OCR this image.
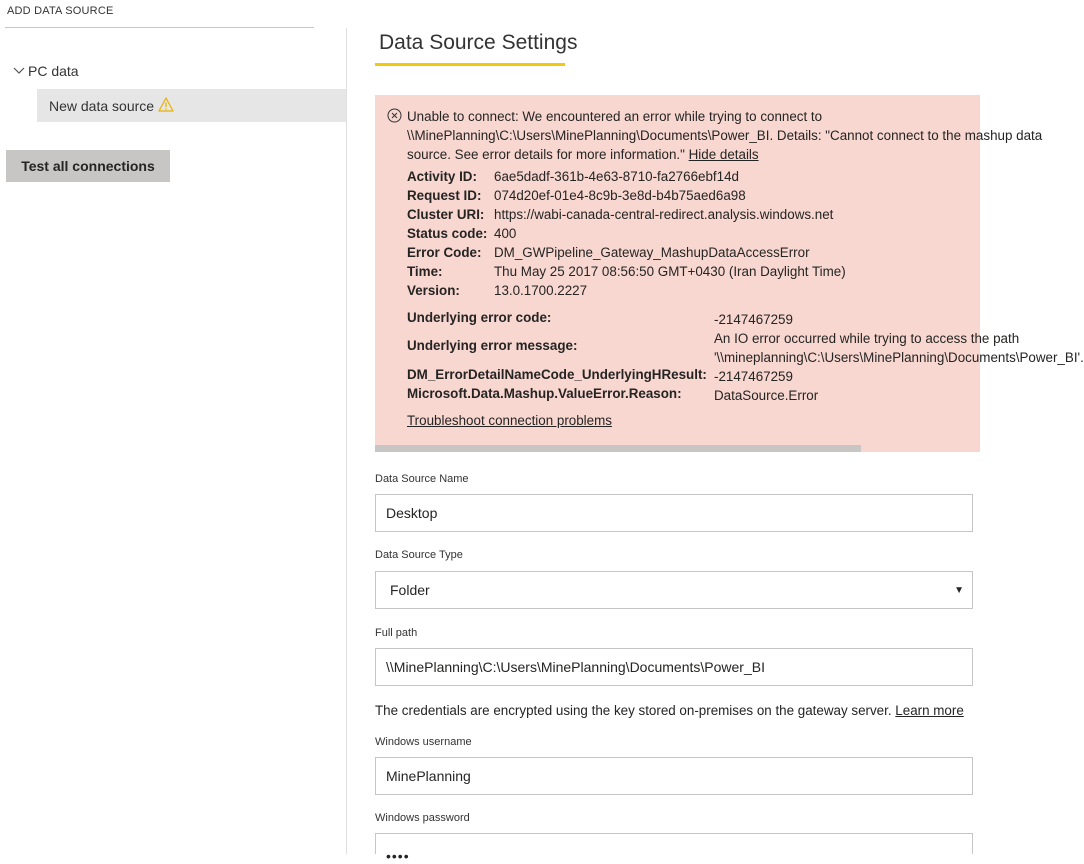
ADD DATA SOURCE
PC data
New data source
Test all connections
Data Source Settings
Unable to connect: We encountered an error while trying to connect to
\\MinePlanning\C:\Users\MinePlanning\Documents\Power_BI. Details: "Cannot connect to the mashup data
source. See error details for more information." Hide details
Activity ID: 6ae5dadf-361b-4e63-8710-fa2766ebf14d
Request ID: 074d20ef-01e4-8c9b-3e8d-b4b75aed6a98
Cluster URI: https://wabi-canada-central-redirect.analysis.windows.net
Status code: 400
Error Code: DM_GWPipeline_Gateway_MashupDataAccessError
Time:	Thu May 25 2017 08:56:50 GMT+0430 (Iran Daylight Time)
Version:	13.0.1700.2227
Underlying error code:	-2147467259
Underlying error message:	An IO error occurred while trying to access the path
'\\mineplanning\C:\Users\MinePlanning\Documents\Power_BI'.
DM_ErrorDetailNameCode_UnderlyingHResult: -2147467259
Microsoft.Data.Mashup.ValueError.Reason: DataSource.Error
Troubleshoot connection problems
Data Source Name
Desktop
Data Source Type
Folder	▼
Full path
\\MinePlanning\C:\Users\MinePlanning\Documents\Power_BI
The credentials are encrypted using the key stored on-premises on the gateway server. Learn more
Windows username
MinePlanning
Windows password
••••
